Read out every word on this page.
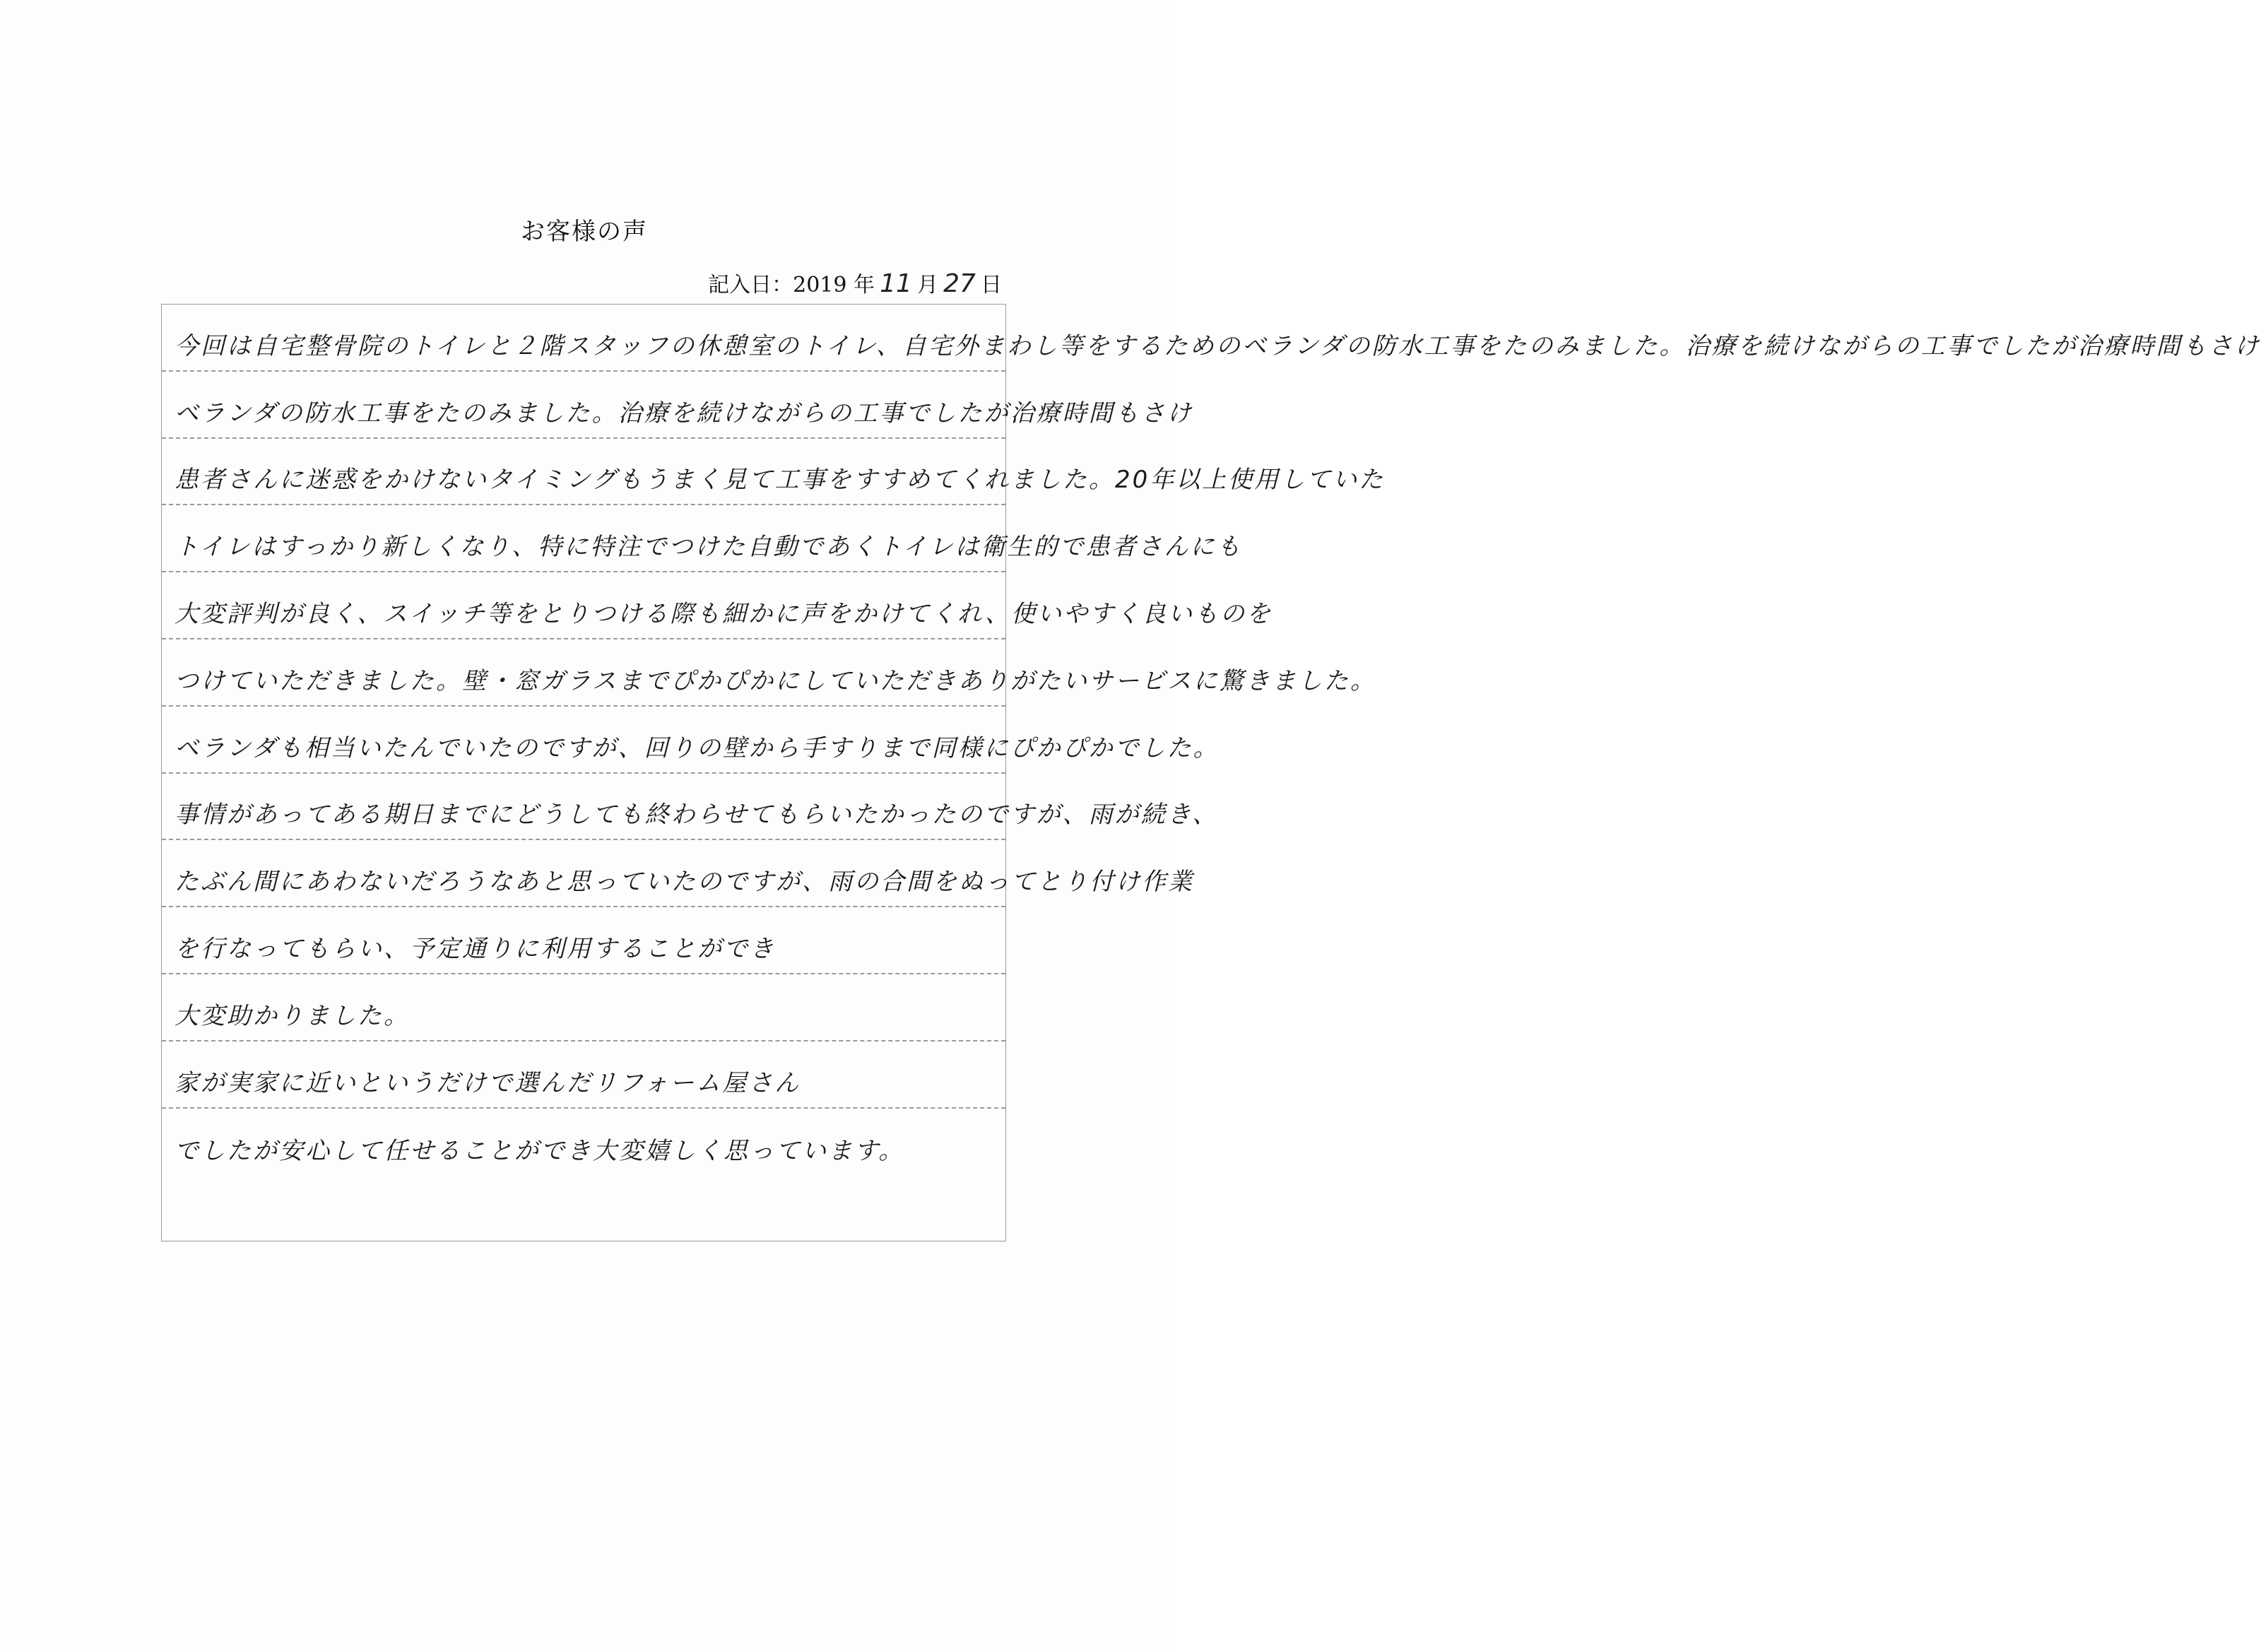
お客様の声
記入日：2019 年 11 月 27 日
今回は自宅整骨院のトイレと２階スタッフの休憩室のトイレ、自宅外まわし等をするためのベランダの防水工事をたのみました。治療を続けながらの工事でしたが治療時間もさけ
ベランダの防水工事をたのみました。治療を続けながらの工事でしたが治療時間もさけ
患者さんに迷惑をかけないタイミングもうまく見て工事をすすめてくれました。20年以上使用していた
トイレはすっかり新しくなり、特に特注でつけた自動であくトイレは衛生的で患者さんにも
大変評判が良く、スイッチ等をとりつける際も細かに声をかけてくれ、使いやすく良いものを
つけていただきました。壁・窓ガラスまでぴかぴかにしていただきありがたいサービスに驚きました。
ベランダも相当いたんでいたのですが、回りの壁から手すりまで同様にぴかぴかでした。
事情があってある期日までにどうしても終わらせてもらいたかったのですが、雨が続き、
たぶん間にあわないだろうなあと思っていたのですが、雨の合間をぬってとり付け作業
を行なってもらい、予定通りに利用することができ
大変助かりました。
家が実家に近いというだけで選んだリフォーム屋さん
でしたが安心して任せることができ大変嬉しく思っています。
